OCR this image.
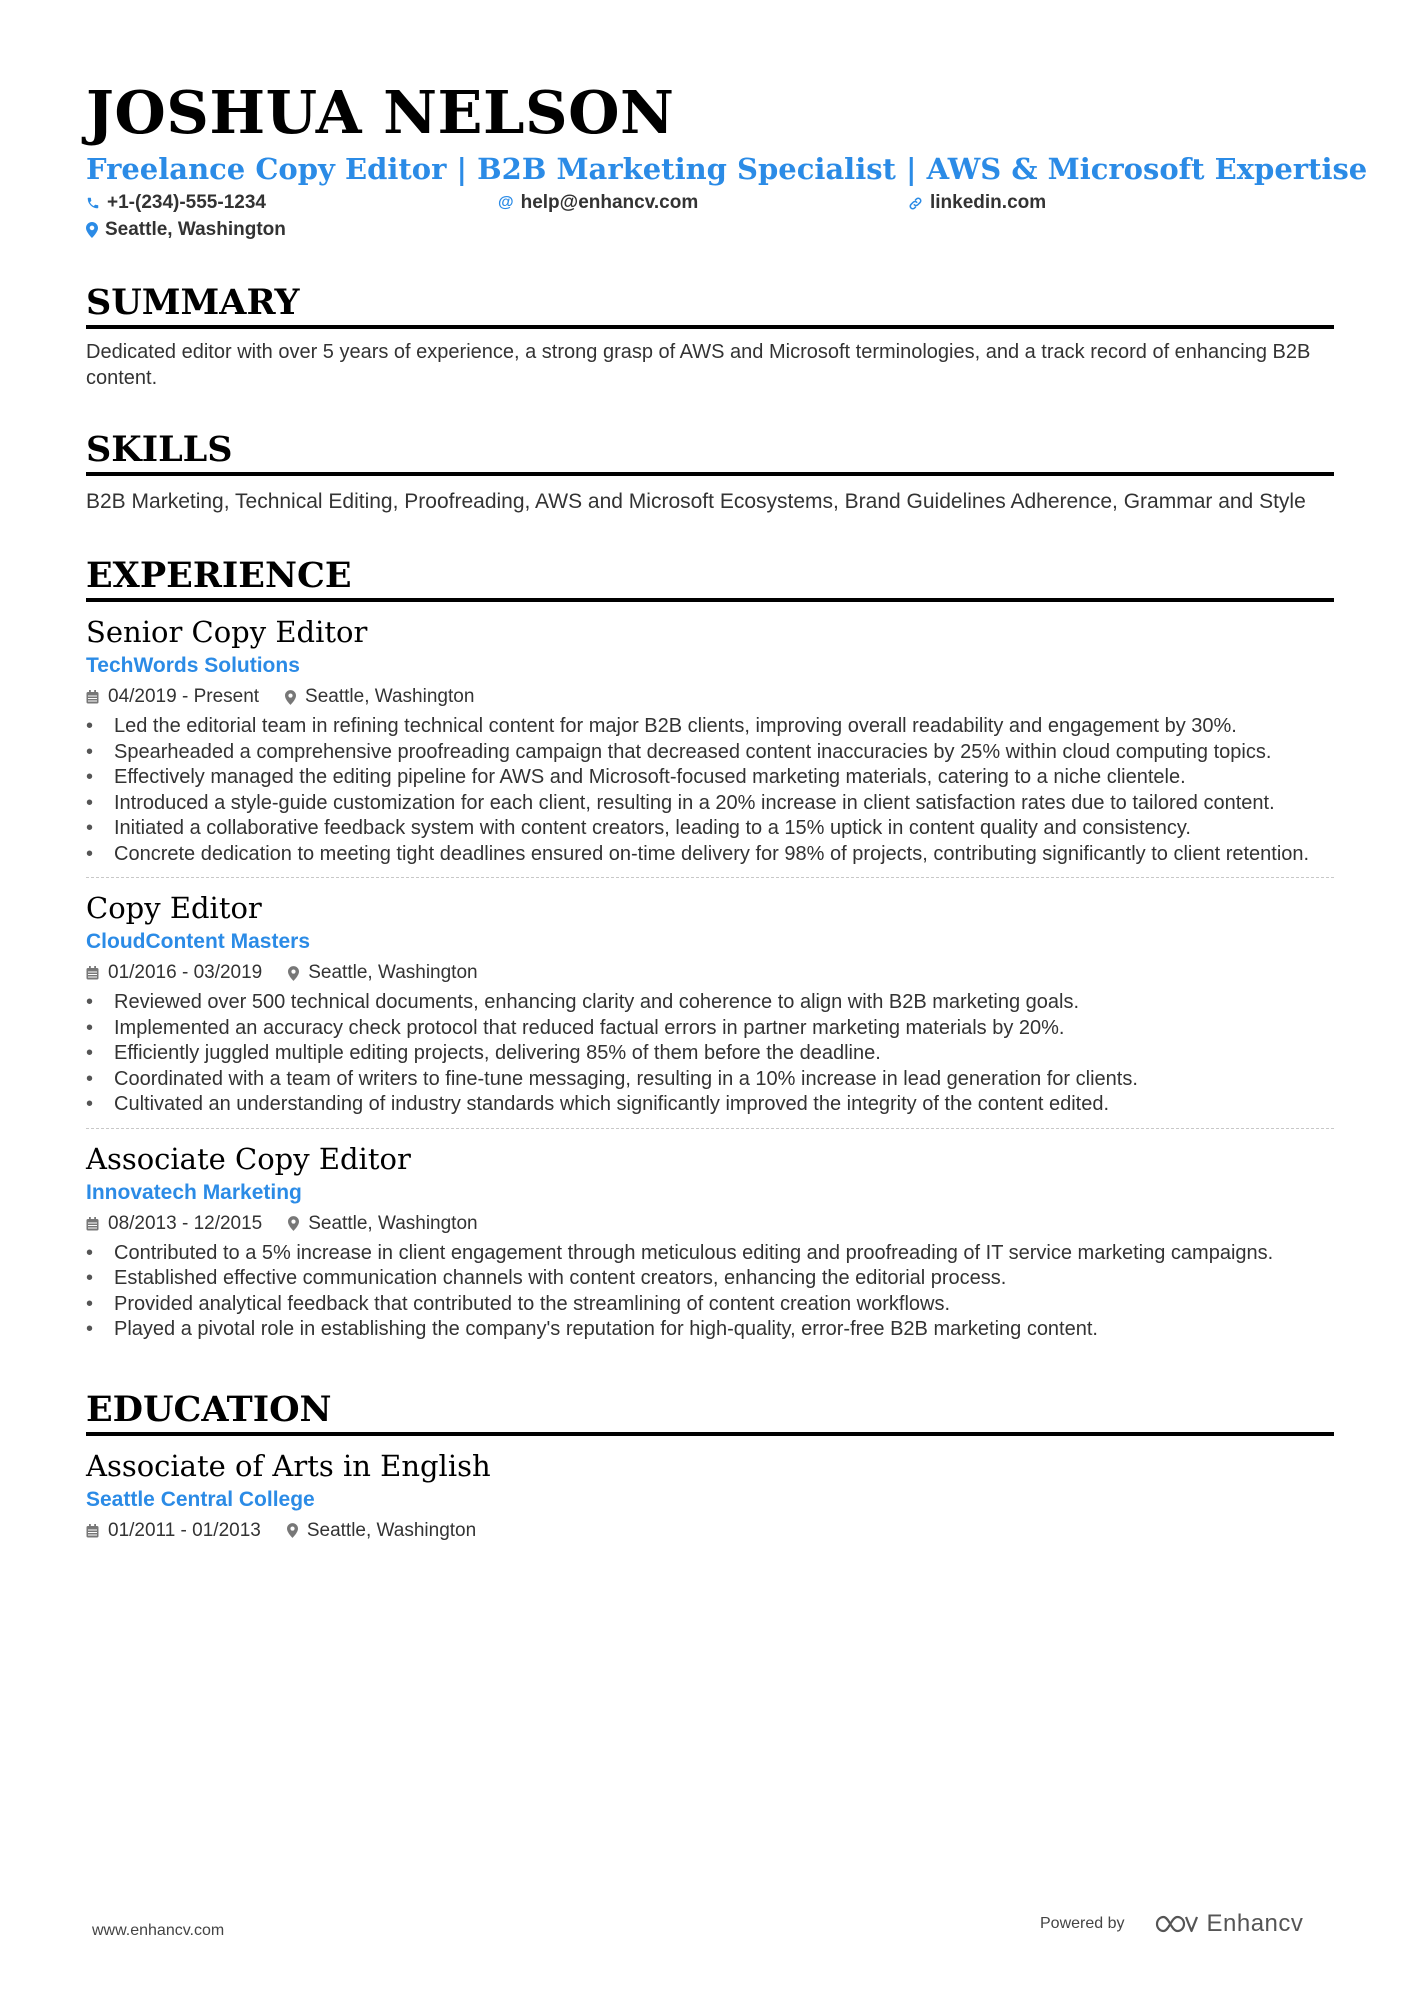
JOSHUA NELSON
Freelance Copy Editor | B2B Marketing Specialist | AWS & Microsoft Expertise
+1-(234)-555-1234	@ help@enhancv.com	linkedin.com
Seattle, Washington
SUMMARY
Dedicated editor with over 5 years of experience, a strong grasp of AWS and Microsoft terminologies, and a track record of enhancing B2B content.
SKILLS
B2B Marketing, Technical Editing, Proofreading, AWS and Microsoft Ecosystems, Brand Guidelines Adherence, Grammar and Style
EXPERIENCE
Senior Copy Editor
TechWords Solutions
04/2019 - Present Seattle, Washington
• Led the editorial team in refining technical content for major B2B clients, improving overall readability and engagement by 30%.
• Spearheaded a comprehensive proofreading campaign that decreased content inaccuracies by 25% within cloud computing topics.
• Effectively managed the editing pipeline for AWS and Microsoft-focused marketing materials, catering to a niche clientele.
• Introduced a style-guide customization for each client, resulting in a 20% increase in client satisfaction rates due to tailored content.
• Initiated a collaborative feedback system with content creators, leading to a 15% uptick in content quality and consistency.
• Concrete dedication to meeting tight deadlines ensured on-time delivery for 98% of projects, contributing significantly to client retention.
Copy Editor
CloudContent Masters
01/2016 - 03/2019 Seattle, Washington
• Reviewed over 500 technical documents, enhancing clarity and coherence to align with B2B marketing goals.
• Implemented an accuracy check protocol that reduced factual errors in partner marketing materials by 20%.
• Efficiently juggled multiple editing projects, delivering 85% of them before the deadline.
• Coordinated with a team of writers to fine-tune messaging, resulting in a 10% increase in lead generation for clients.
• Cultivated an understanding of industry standards which significantly improved the integrity of the content edited.
Associate Copy Editor
Innovatech Marketing
08/2013 - 12/2015 Seattle, Washington
• Contributed to a 5% increase in client engagement through meticulous editing and proofreading of IT service marketing campaigns.
• Established effective communication channels with content creators, enhancing the editorial process.
• Provided analytical feedback that contributed to the streamlining of content creation workflows.
• Played a pivotal role in establishing the company's reputation for high-quality, error-free B2B marketing content.
EDUCATION
Associate of Arts in English
Seattle Central College
01/2011 - 01/2013 Seattle, Washington
www.enhancv.com	Powered by	Enhancv
